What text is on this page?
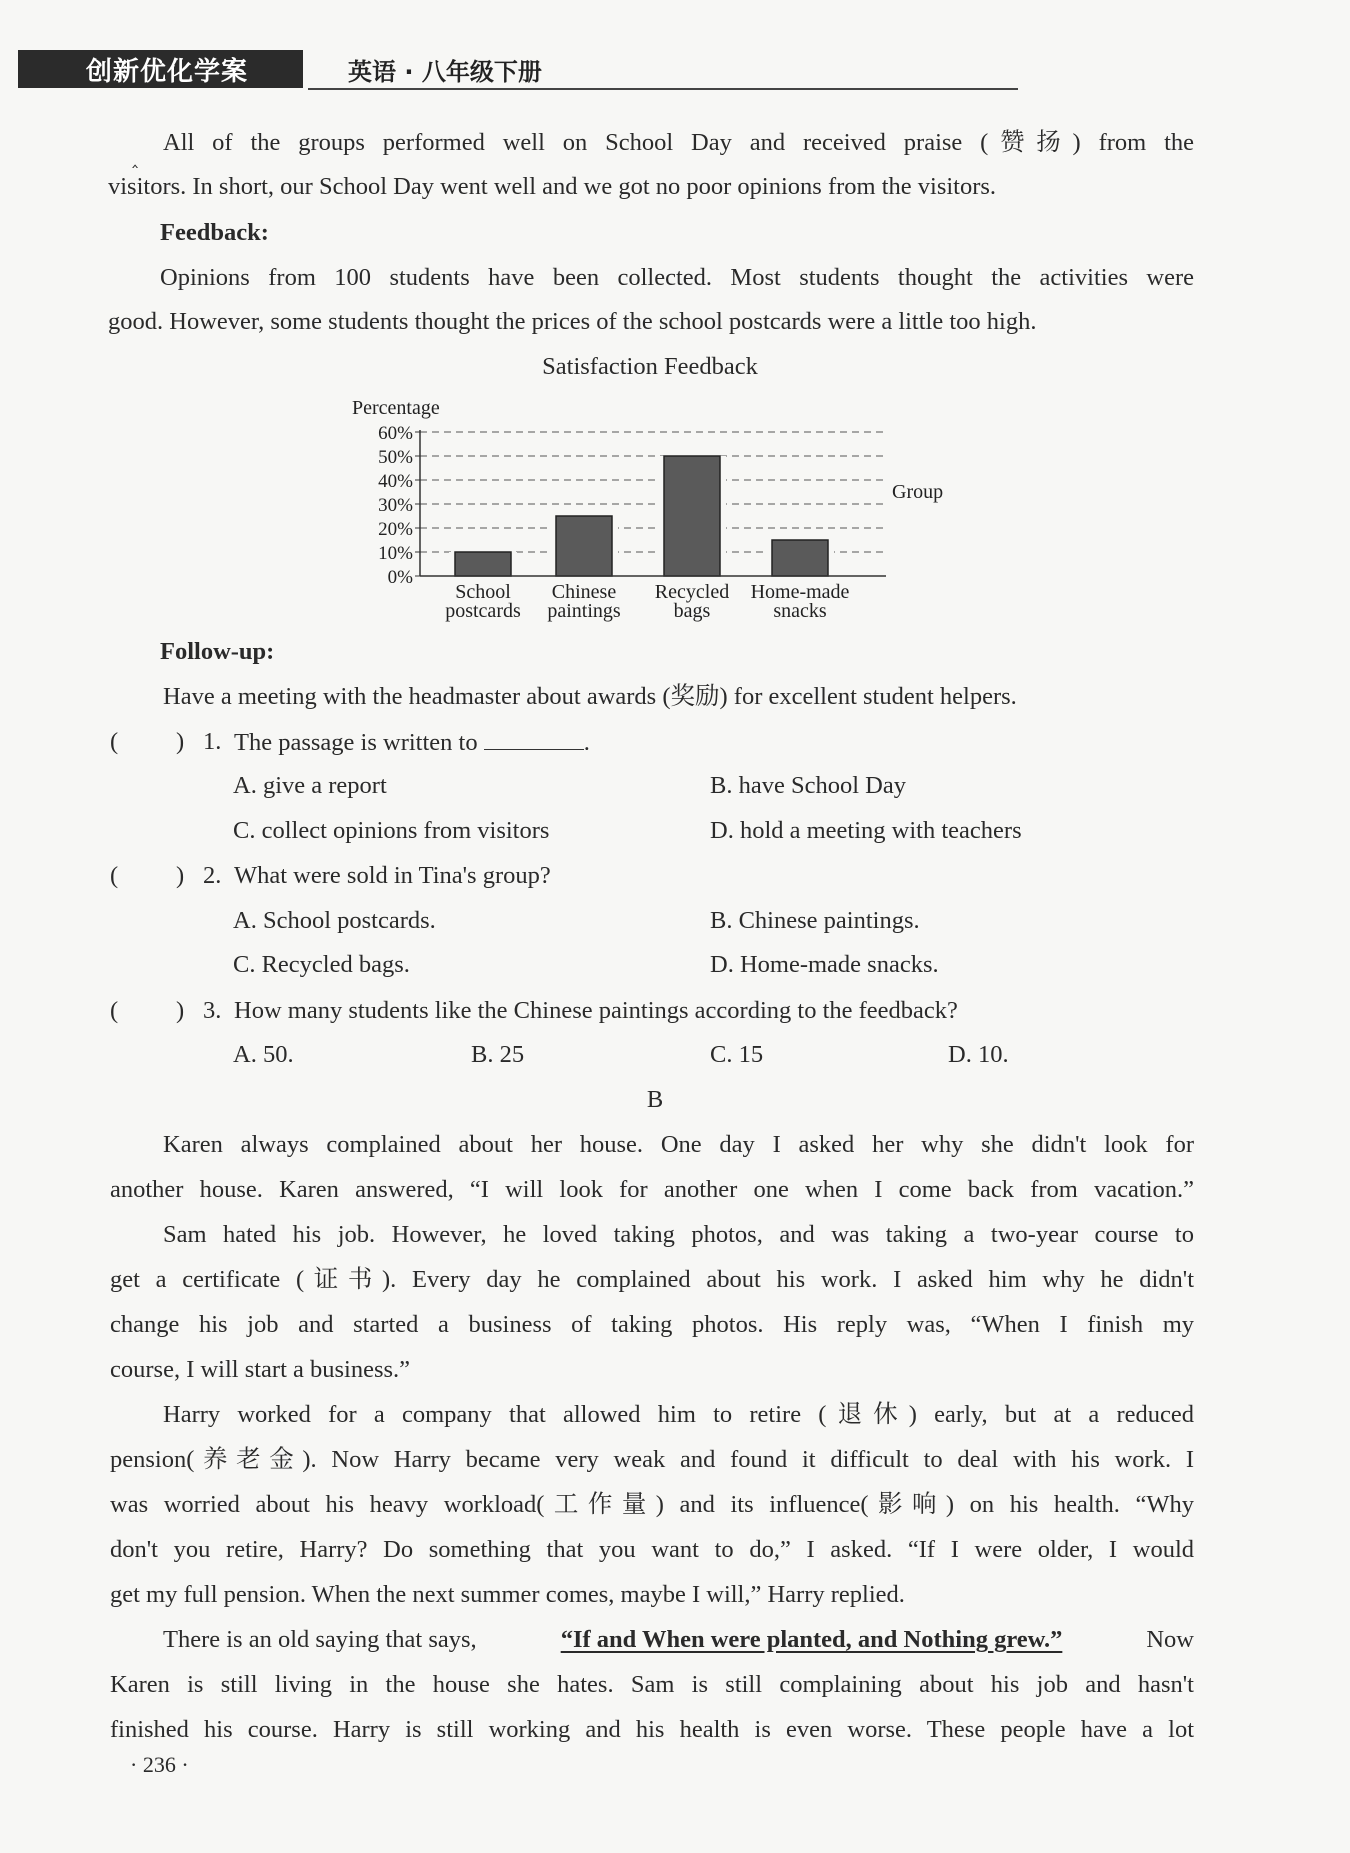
创新优化学案	英语 · 八年级下册
‸
All of the groups performed well on School Day and received praise (赞扬) from the
visitors. In short, our School Day went well and we got no poor opinions from the visitors.
Feedback:
Opinions from 100 students have been collected. Most students thought the activities were
good. However, some students thought the prices of the school postcards were a little too high.
Satisfaction Feedback
Percentage
Group
0%
10%
20%
30%
40%
50%
60%
School
postcards
Chinese
paintings
Recycled
bags
Home-made
snacks
Follow-up:
Have a meeting with the headmaster about awards (奖励) for excellent student helpers.
( ) 1. The passage is written to	.
A. give a report	B. have School Day
C. collect opinions from visitors	D. hold a meeting with teachers
( ) 2. What were sold in Tina's group?
A. School postcards.	B. Chinese paintings.
C. Recycled bags.	D. Home-made snacks.
( ) 3. How many students like the Chinese paintings according to the feedback?
A. 50.	B. 25	C. 15	D. 10.
B
Karen always complained about her house. One day I asked her why she didn't look for
another house. Karen answered, “I will look for another one when I come back from vacation.”
Sam hated his job. However, he loved taking photos, and was taking a two-year course to
get a certificate (证书). Every day he complained about his work. I asked him why he didn't
change his job and started a business of taking photos. His reply was, “When I finish my
course, I will start a business.”
Harry worked for a company that allowed him to retire (退休) early, but at a reduced
pension(养老金). Now Harry became very weak and found it difficult to deal with his work. I
was worried about his heavy workload(工作量) and its influence(影响) on his health. “Why
don't you retire, Harry? Do something that you want to do,” I asked. “If I were older, I would
get my full pension. When the next summer comes, maybe I will,” Harry replied.
There is an old saying that says,	“If and When were planted, and Nothing grew.”	Now
Karen is still living in the house she hates. Sam is still complaining about his job and hasn't
finished his course. Harry is still working and his health is even worse. These people have a lot
· 236 ·
